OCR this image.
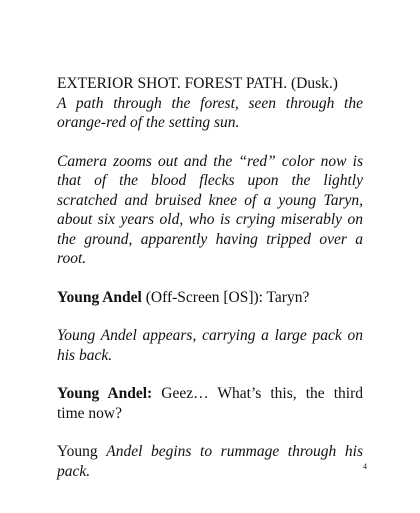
EXTERIOR SHOT. FOREST PATH. (Dusk.)

A path through the forest, seen through the orange-red of the setting sun.

Camera zooms out and the “red” color now is that of the blood flecks upon the lightly scratched and bruised knee of a young Taryn, about six years old, who is crying miserably on the ground, apparently having tripped over a root.

Young Andel (Off-Screen [OS]): Taryn?

Young Andel appears, carrying a large pack on his back.

Young Andel: Geez… What’s this, the third time now?

Young Andel begins to rummage through his pack.	4
